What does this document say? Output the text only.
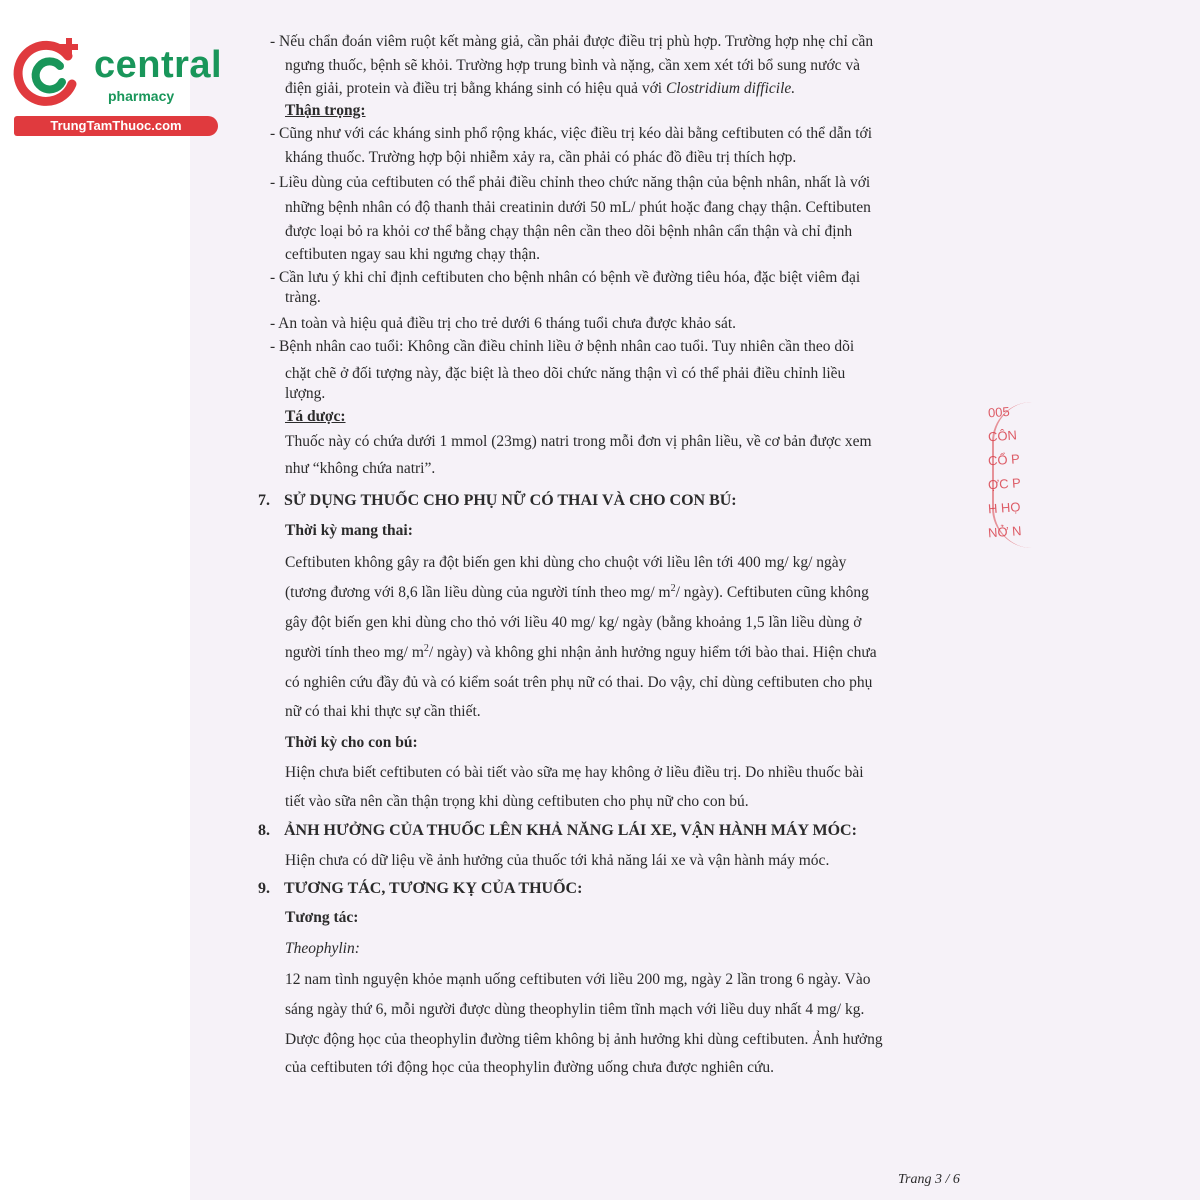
central
pharmacy
TrungTamThuoc.com
005
CÔN
CỔ P
ỢC P
H HỌ
NỞ N
- Nếu chẩn đoán viêm ruột kết màng giả, cần phải được điều trị phù hợp. Trường hợp nhẹ chỉ cần
ngưng thuốc, bệnh sẽ khỏi. Trường hợp trung bình và nặng, cần xem xét tới bổ sung nước và
điện giải, protein và điều trị bằng kháng sinh có hiệu quả với Clostridium difficile.
Thận trọng:
- Cũng như với các kháng sinh phổ rộng khác, việc điều trị kéo dài bằng ceftibuten có thể dẫn tới
kháng thuốc. Trường hợp bội nhiễm xảy ra, cần phải có phác đồ điều trị thích hợp.
- Liều dùng của ceftibuten có thể phải điều chỉnh theo chức năng thận của bệnh nhân, nhất là với
những bệnh nhân có độ thanh thải creatinin dưới 50 mL/ phút hoặc đang chạy thận. Ceftibuten
được loại bỏ ra khỏi cơ thể bằng chạy thận nên cần theo dõi bệnh nhân cẩn thận và chỉ định
ceftibuten ngay sau khi ngưng chạy thận.
- Cần lưu ý khi chỉ định ceftibuten cho bệnh nhân có bệnh về đường tiêu hóa, đặc biệt viêm đại
tràng.
- An toàn và hiệu quả điều trị cho trẻ dưới 6 tháng tuổi chưa được khảo sát.
- Bệnh nhân cao tuổi: Không cần điều chỉnh liều ở bệnh nhân cao tuổi. Tuy nhiên cần theo dõi
chặt chẽ ở đối tượng này, đặc biệt là theo dõi chức năng thận vì có thể phải điều chỉnh liều
lượng.
Tá dược:
Thuốc này có chứa dưới 1 mmol (23mg) natri trong mỗi đơn vị phân liều, về cơ bản được xem
như “không chứa natri”.
7. SỬ DỤNG THUỐC CHO PHỤ NỮ CÓ THAI VÀ CHO CON BÚ:
Thời kỳ mang thai:
Ceftibuten không gây ra đột biến gen khi dùng cho chuột với liều lên tới 400 mg/ kg/ ngày
(tương đương với 8,6 lần liều dùng của người tính theo mg/ $m^2/$ ngày). Ceftibuten cũng không
gây đột biến gen khi dùng cho thỏ với liều 40 mg/ kg/ ngày (bằng khoảng 1,5 lần liều dùng ở
người tính theo mg/ $m^2/$ ngày) và không ghi nhận ảnh hưởng nguy hiểm tới bào thai. Hiện chưa
có nghiên cứu đầy đủ và có kiểm soát trên phụ nữ có thai. Do vậy, chỉ dùng ceftibuten cho phụ
nữ có thai khi thực sự cần thiết.
Thời kỳ cho con bú:
Hiện chưa biết ceftibuten có bài tiết vào sữa mẹ hay không ở liều điều trị. Do nhiều thuốc bài
tiết vào sữa nên cần thận trọng khi dùng ceftibuten cho phụ nữ cho con bú.
8. ẢNH HƯỞNG CỦA THUỐC LÊN KHẢ NĂNG LÁI XE, VẬN HÀNH MÁY MÓC:
Hiện chưa có dữ liệu về ảnh hưởng của thuốc tới khả năng lái xe và vận hành máy móc.
9. TƯƠNG TÁC, TƯƠNG KỴ CỦA THUỐC:
Tương tác:
Theophylin:
12 nam tình nguyện khỏe mạnh uống ceftibuten với liều 200 mg, ngày 2 lần trong 6 ngày. Vào
sáng ngày thứ 6, mỗi người được dùng theophylin tiêm tĩnh mạch với liều duy nhất 4 mg/ kg.
Dược động học của theophylin đường tiêm không bị ảnh hưởng khi dùng ceftibuten. Ảnh hưởng
của ceftibuten tới động học của theophylin đường uống chưa được nghiên cứu.
Trang 3 / 6
